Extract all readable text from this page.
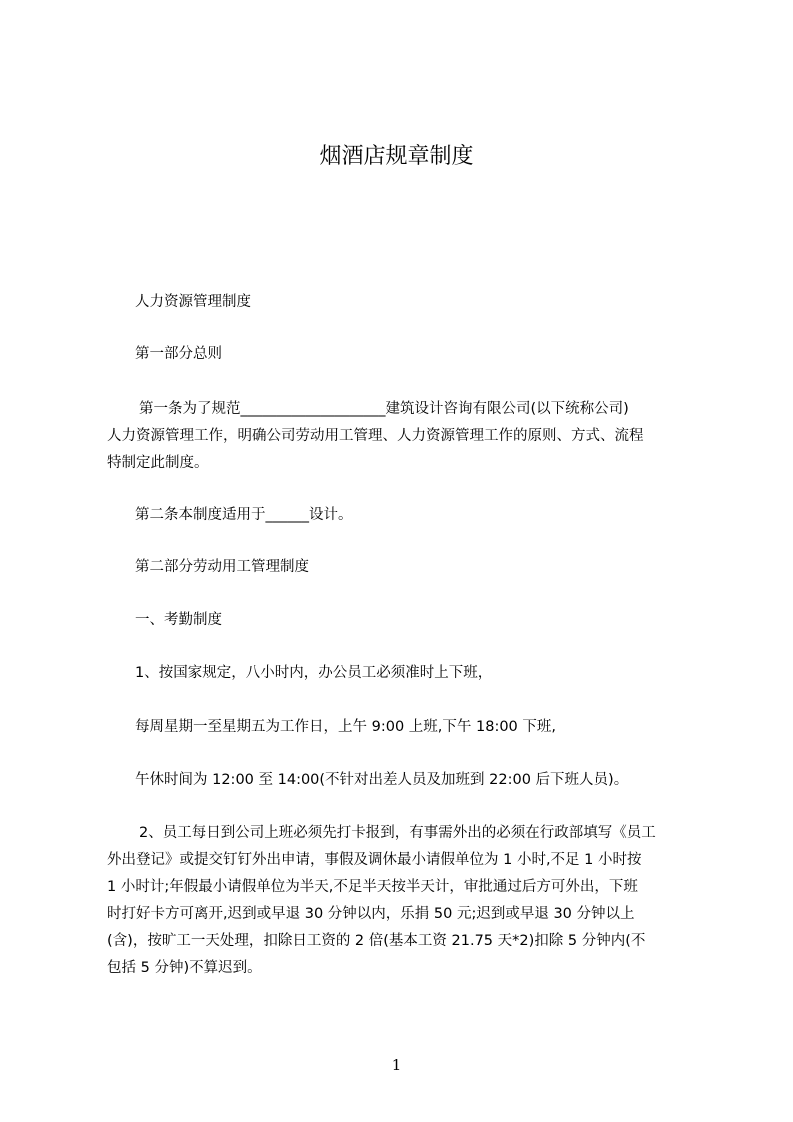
烟酒店规章制度
人力资源管理制度
第一部分总则
第一条为了规范____________________建筑设计咨询有限公司(以下统称公司)
人力资源管理工作，明确公司劳动用工管理、人力资源管理工作的原则、方式、流程
特制定此制度。
第二条本制度适用于______设计。
第二部分劳动用工管理制度
一、考勤制度
1、按国家规定，八小时内，办公员工必须准时上下班，
每周星期一至星期五为工作日，上午 9:00 上班,下午 18:00 下班,
午休时间为 12:00 至 14:00(不针对出差人员及加班到 22:00 后下班人员)。
2、员工每日到公司上班必须先打卡报到，有事需外出的必须在行政部填写《员工
外出登记》或提交钉钉外出申请，事假及调休最小请假单位为 1 小时,不足 1 小时按
1 小时计;年假最小请假单位为半天,不足半天按半天计，审批通过后方可外出，下班
时打好卡方可离开,迟到或早退 30 分钟以内，乐捐 50 元;迟到或早退 30 分钟以上
(含)，按旷工一天处理，扣除日工资的 2 倍(基本工资 21.75 天*2)扣除 5 分钟内(不
包括 5 分钟)不算迟到。
1
